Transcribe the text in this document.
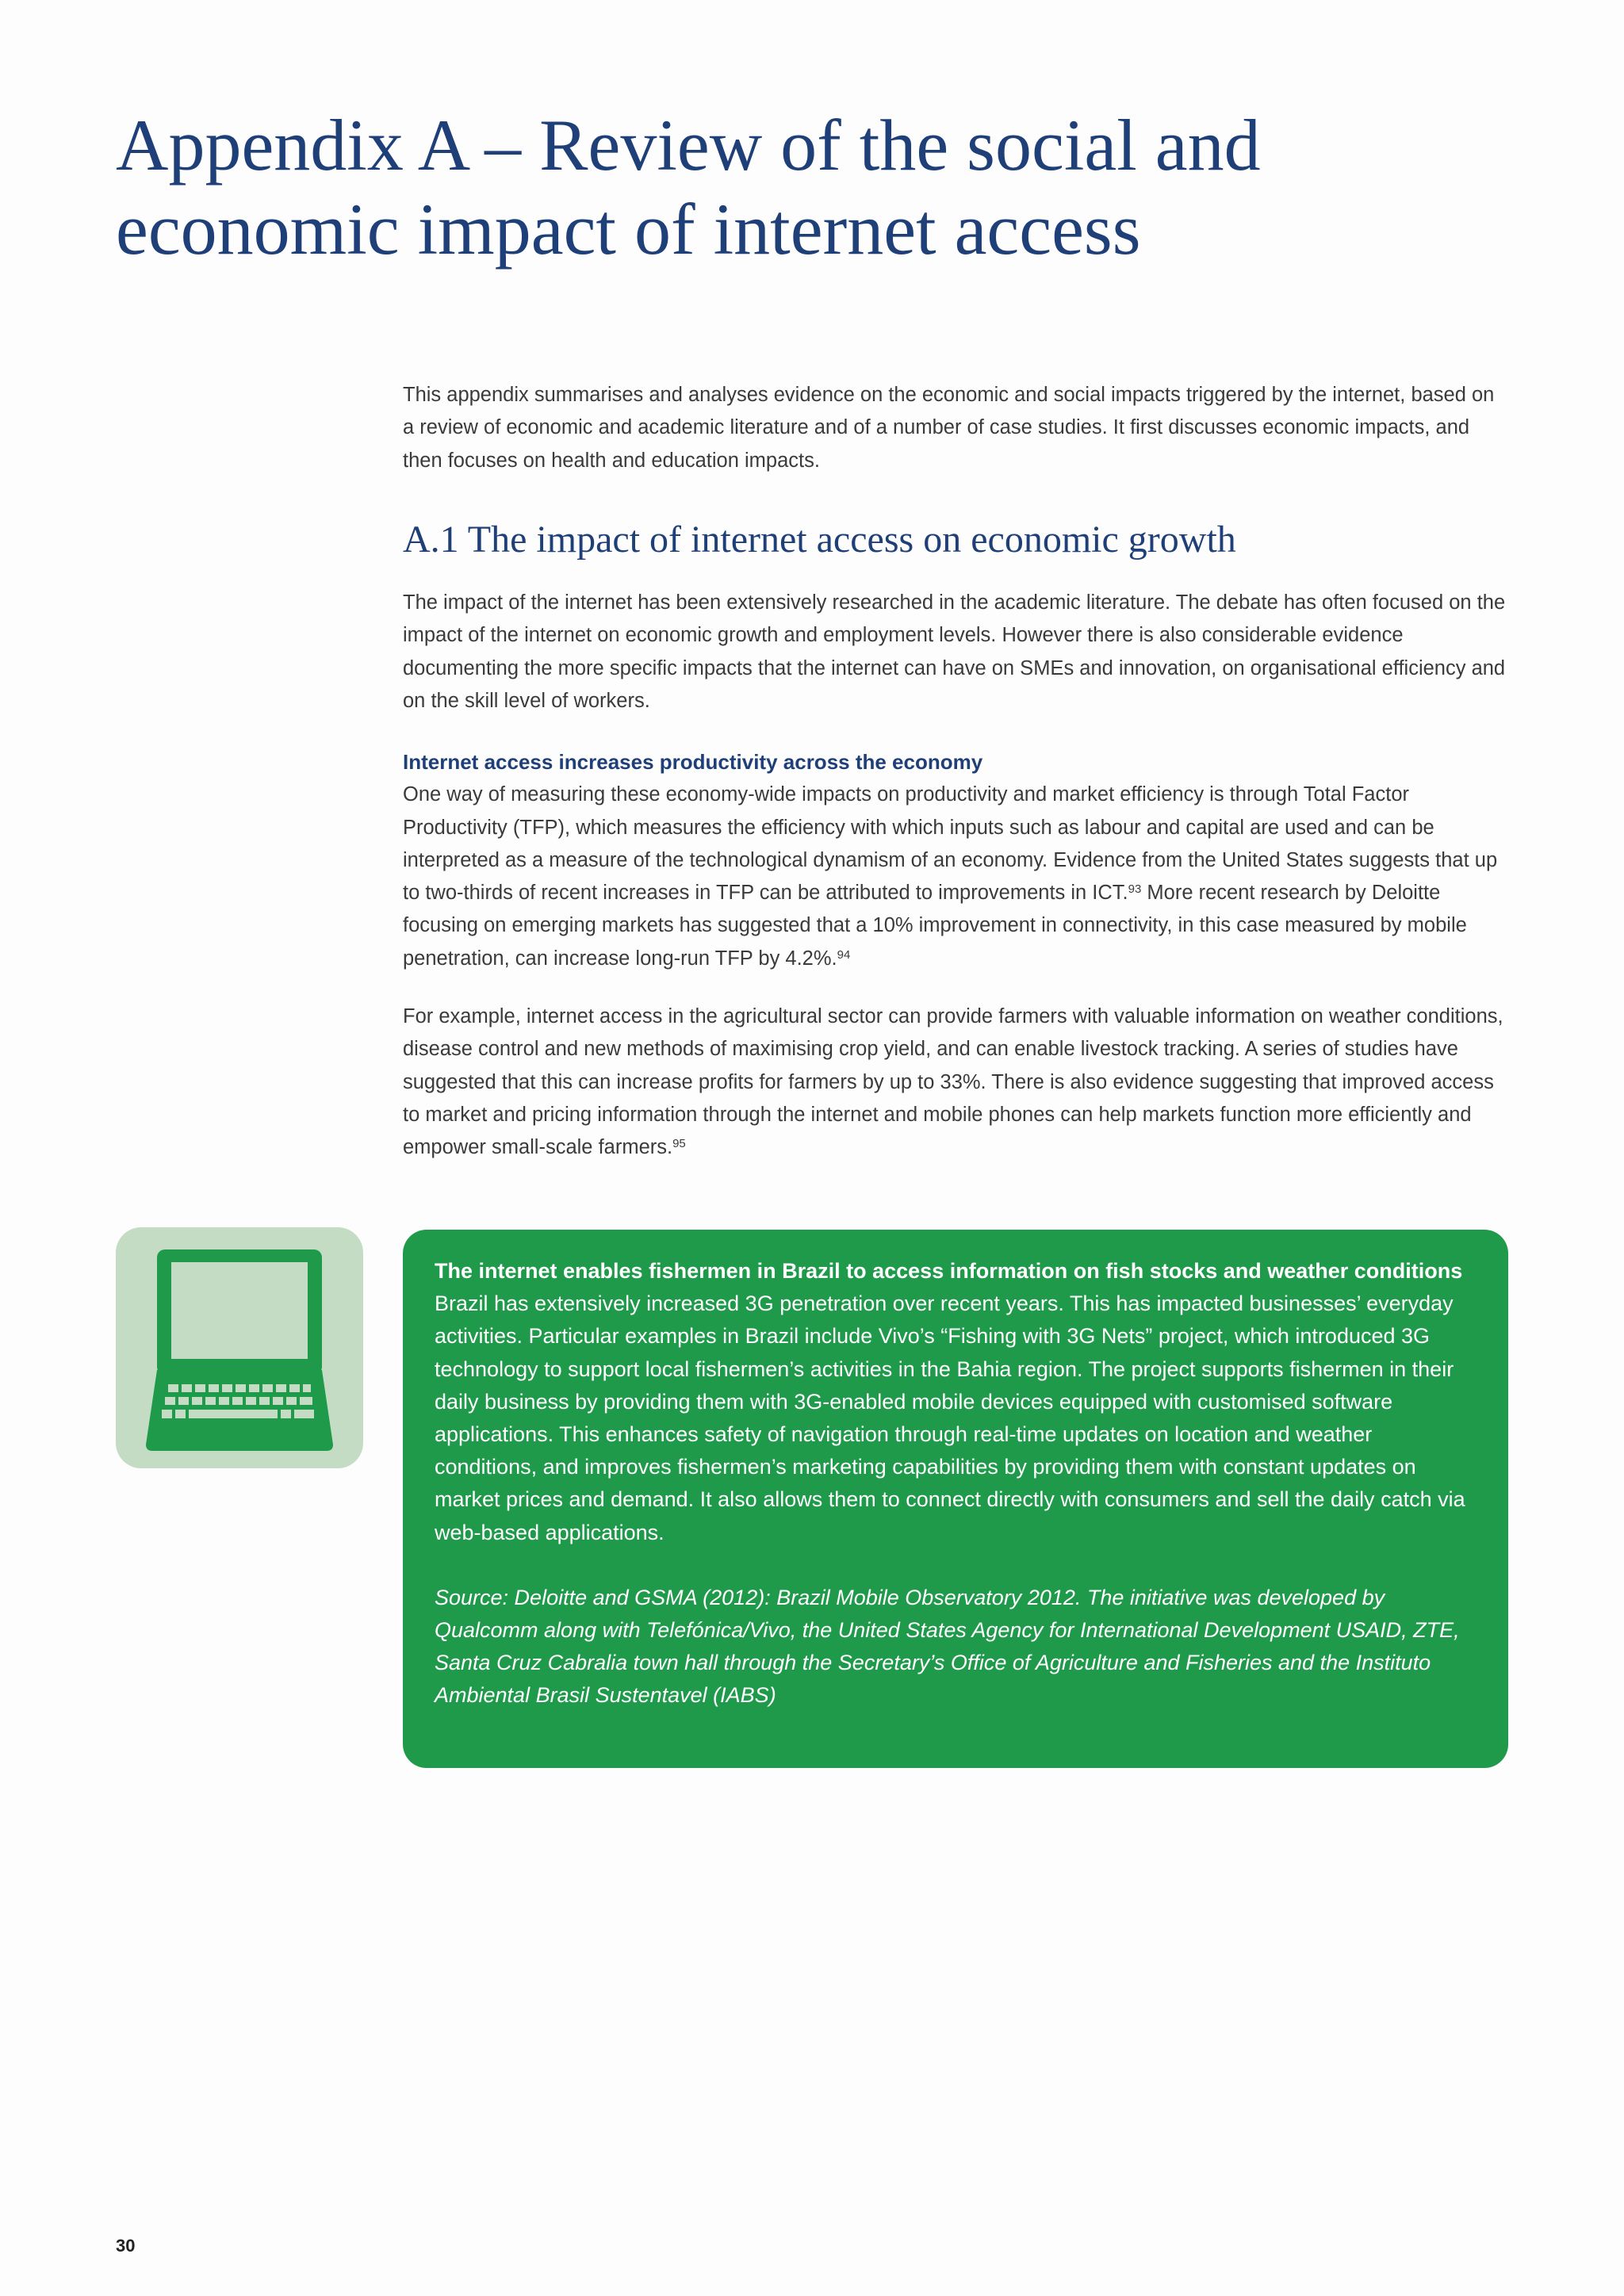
Appendix A – Review of the social and economic impact of internet access

This appendix summarises and analyses evidence on the economic and social impacts triggered by the internet, based on a review of economic and academic literature and of a number of case studies. It first discusses economic impacts, and then focuses on health and education impacts.

A.1 The impact of internet access on economic growth

The impact of the internet has been extensively researched in the academic literature. The debate has often focused on the impact of the internet on economic growth and employment levels. However there is also considerable evidence documenting the more specific impacts that the internet can have on SMEs and innovation, on organisational efficiency and on the skill level of workers.

Internet access increases productivity across the economy

One way of measuring these economy-wide impacts on productivity and market efficiency is through Total Factor Productivity (TFP), which measures the efficiency with which inputs such as labour and capital are used and can be interpreted as a measure of the technological dynamism of an economy. Evidence from the United States suggests that up to two-thirds of recent increases in TFP can be attributed to improvements in ICT.$^{93}$ More recent research by Deloitte focusing on emerging markets has suggested that a 10% improvement in connectivity, in this case measured by mobile penetration, can increase long-run TFP by 4.2%.$^{94}$

For example, internet access in the agricultural sector can provide farmers with valuable information on weather conditions, disease control and new methods of maximising crop yield, and can enable livestock tracking. A series of studies have suggested that this can increase profits for farmers by up to 33%. There is also evidence suggesting that improved access to market and pricing information through the internet and mobile phones can help markets function more efficiently and empower small-scale farmers.$^{95}$

The internet enables fishermen in Brazil to access information on fish stocks and weather conditions

Brazil has extensively increased 3G penetration over recent years. This has impacted businesses’ everyday activities. Particular examples in Brazil include Vivo’s “Fishing with 3G Nets” project, which introduced 3G technology to support local fishermen’s activities in the Bahia region. The project supports fishermen in their daily business by providing them with 3G-enabled mobile devices equipped with customised software applications. This enhances safety of navigation through real-time updates on location and weather conditions, and improves fishermen’s marketing capabilities by providing them with constant updates on market prices and demand. It also allows them to connect directly with consumers and sell the daily catch via web-based applications.

Source: Deloitte and GSMA (2012): Brazil Mobile Observatory 2012. The initiative was developed by Qualcomm along with Telefónica/Vivo, the United States Agency for International Development USAID, ZTE, Santa Cruz Cabralia town hall through the Secretary’s Office of Agriculture and Fisheries and the Instituto Ambiental Brasil Sustentavel (IABS)

30
